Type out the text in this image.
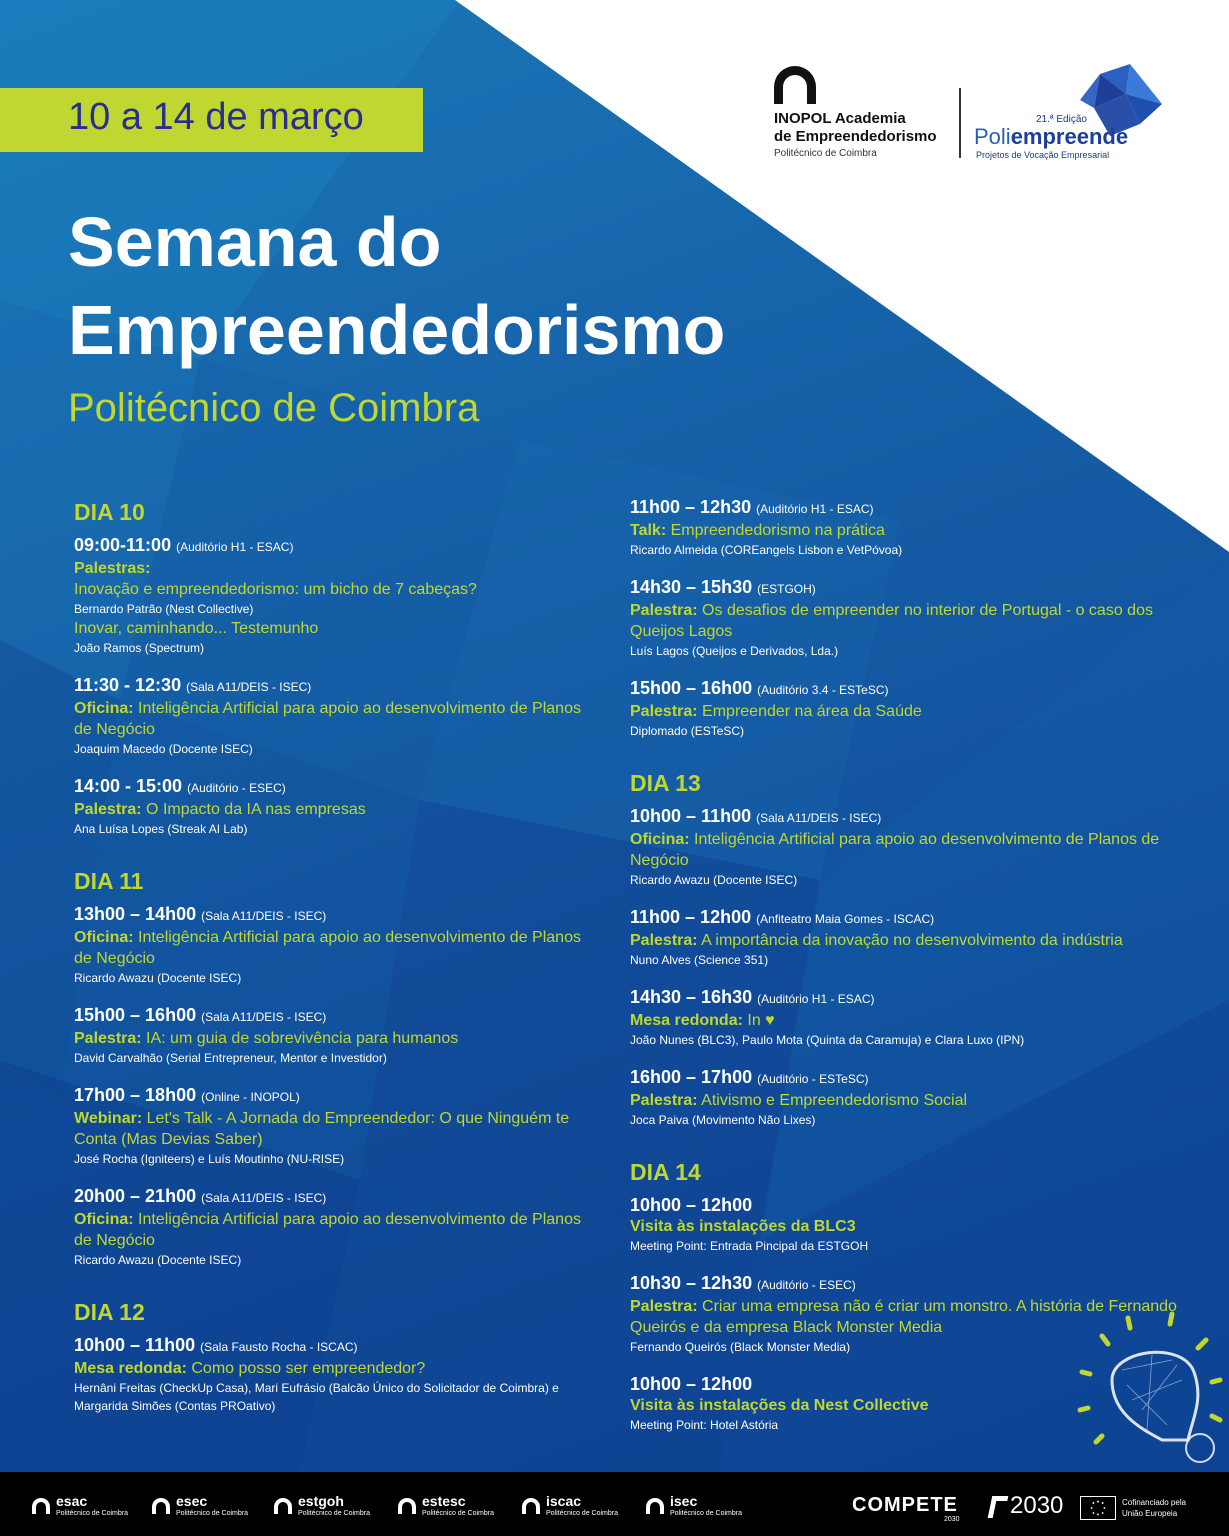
10 a 14 de março
Semana do
Empreendedorismo
Politécnico de Coimbra
INOPOL Academia
de Empreendedorismo
Politécnico de Coimbra
21.ª Edição
Poliempreende
Projetos de Vocação Empresarial
DIA 10
09:00-11:00 (Auditório H1 - ESAC)
Palestras:
Inovação e empreendedorismo: um bicho de 7 cabeças?
Bernardo Patrão (Nest Collective)
Inovar, caminhando... Testemunho
João Ramos (Spectrum)
11:30 - 12:30 (Sala A11/DEIS - ISEC)
Oficina: Inteligência Artificial para apoio ao desenvolvimento de Planos de Negócio
Joaquim Macedo (Docente ISEC)
14:00 - 15:00 (Auditório - ESEC)
Palestra: O Impacto da IA nas empresas
Ana Luísa Lopes (Streak AI Lab)
DIA 11
13h00 – 14h00 (Sala A11/DEIS - ISEC)
Oficina: Inteligência Artificial para apoio ao desenvolvimento de Planos de Negócio
Ricardo Awazu (Docente ISEC)
15h00 – 16h00 (Sala A11/DEIS - ISEC)
Palestra: IA: um guia de sobrevivência para humanos
David Carvalhão (Serial Entrepreneur, Mentor e Investidor)
17h00 – 18h00 (Online - INOPOL)
Webinar: Let's Talk - A Jornada do Empreendedor: O que Ninguém te Conta (Mas Devias Saber)
José Rocha (Igniteers) e Luís Moutinho (NU-RISE)
20h00 – 21h00 (Sala A11/DEIS - ISEC)
Oficina: Inteligência Artificial para apoio ao desenvolvimento de Planos de Negócio
Ricardo Awazu (Docente ISEC)
DIA 12
10h00 – 11h00 (Sala Fausto Rocha - ISCAC)
Mesa redonda: Como posso ser empreendedor?
Hernâni Freitas (CheckUp Casa), Mari Eufrásio (Balcão Único do Solicitador de Coimbra) e Margarida Simões (Contas PROativo)
11h00 – 12h30 (Auditório H1 - ESAC)
Talk: Empreendedorismo na prática
Ricardo Almeida (COREangels Lisbon e VetPóvoa)
14h30 – 15h30 (ESTGOH)
Palestra: Os desafios de empreender no interior de Portugal - o caso dos Queijos Lagos
Luís Lagos (Queijos e Derivados, Lda.)
15h00 – 16h00 (Auditório 3.4 - ESTeSC)
Palestra: Empreender na área da Saúde
Diplomado (ESTeSC)
DIA 13
10h00 – 11h00 (Sala A11/DEIS - ISEC)
Oficina: Inteligência Artificial para apoio ao desenvolvimento de Planos de Negócio
Ricardo Awazu (Docente ISEC)
11h00 – 12h00 (Anfiteatro Maia Gomes - ISCAC)
Palestra: A importância da inovação no desenvolvimento da indústria
Nuno Alves (Science 351)
14h30 – 16h30 (Auditório H1 - ESAC)
Mesa redonda: In ♥
João Nunes (BLC3), Paulo Mota (Quinta da Caramuja) e Clara Luxo (IPN)
16h00 – 17h00 (Auditório - ESTeSC)
Palestra: Ativismo e Empreendedorismo Social
Joca Paiva (Movimento Não Lixes)
DIA 14
10h00 – 12h00
Visita às instalações da BLC3
Meeting Point: Entrada Pincipal da ESTGOH
10h30 – 12h30 (Auditório - ESEC)
Palestra: Criar uma empresa não é criar um monstro. A história de Fernando Queirós e da empresa Black Monster Media
Fernando Queirós (Black Monster Media)
10h00 – 12h00
Visita às instalações da Nest Collective
Meeting Point: Hotel Astória
COMPETE
2030
2030	Cofinanciado pela
União Europeia
esac
Politécnico de Coimbra
esec
Politécnico de Coimbra
estgoh
Politécnico de Coimbra
estesc
Politécnico de Coimbra
iscac
Politécnico de Coimbra
isec
Politécnico de Coimbra
